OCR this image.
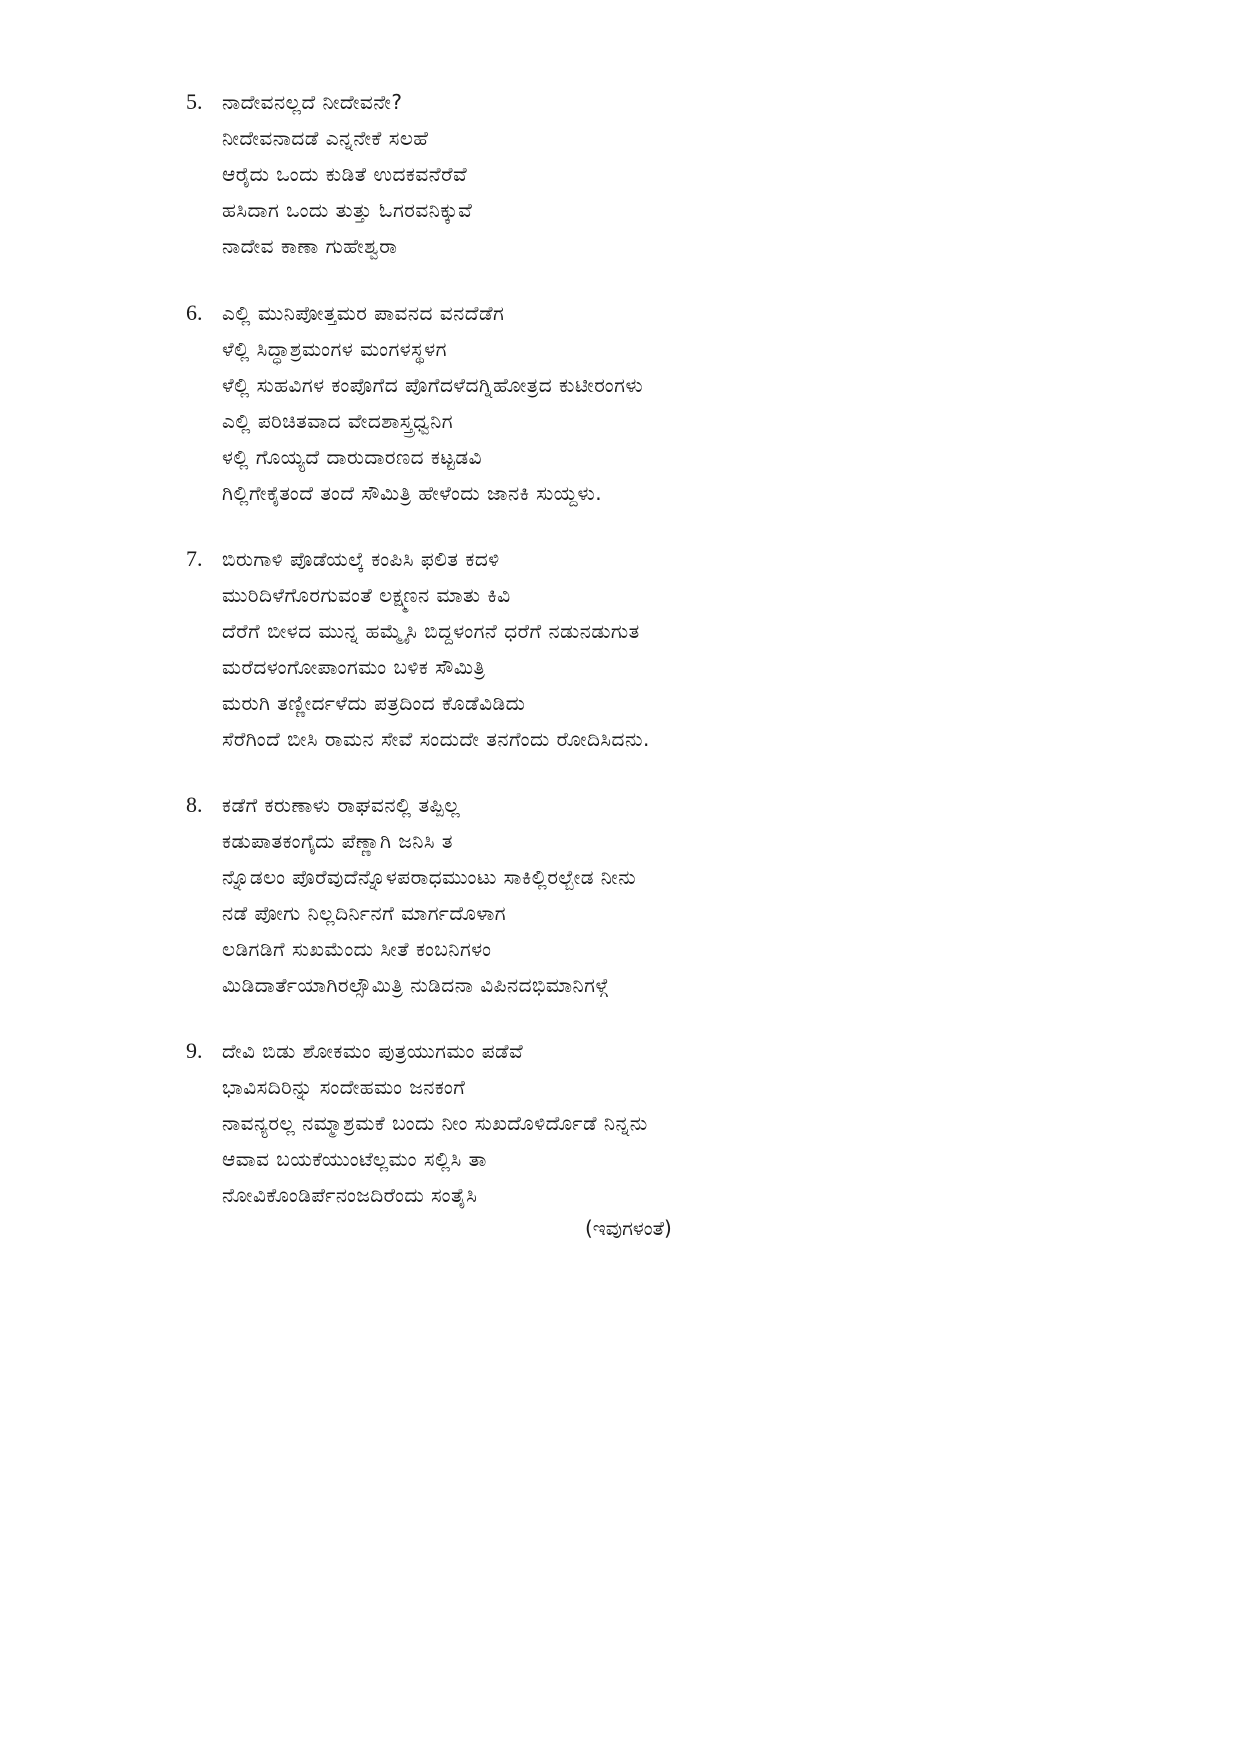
5. ನಾದೇವನಲ್ಲದೆ ನೀದೇವನೇ?
ನೀದೇವನಾದಡೆ ಎನ್ನನೇಕೆ ಸಲಹೆ
ಆರೈದು ಒಂದು ಕುಡಿತೆ ಉದಕವನೆರೆವೆ
ಹಸಿದಾಗ ಒಂದು ತುತ್ತು ಓಗರವನಿಕ್ಕುವೆ
ನಾದೇವ ಕಾಣಾ ಗುಹೇಶ್ವರಾ
6. ಎಲ್ಲಿ ಮುನಿಪೋತ್ತಮರ ಪಾವನದ ವನದೆಡೆಗ
ಳೆಲ್ಲಿ ಸಿದ್ಧಾಶ್ರಮಂಗಳ ಮಂಗಳಸ್ಥಳಗ
ಳೆಲ್ಲಿ ಸುಹವಿಗಳ ಕಂಪೊಗೆದ ಪೊಗೆದಳೆದಗ್ನಿಹೋತ್ರದ ಕುಟೀರಂಗಳು
ಎಲ್ಲಿ ಪರಿಚಿತವಾದ ವೇದಶಾಸ್ತ್ರಧ್ವನಿಗ
ಳಲ್ಲಿ ಗೊಯ್ಯದೆ ದಾರುದಾರಣದ ಕಟ್ಟಡವಿ
ಗಿಲ್ಲಿಗೇಕೈತಂದೆ ತಂದೆ ಸೌಮಿತ್ರಿ ಹೇಳೆಂದು ಜಾನಕಿ ಸುಯ್ದಳು.
7. ಬಿರುಗಾಳಿ ಪೊಡೆಯಲ್ಕೆ ಕಂಪಿಸಿ ಫಲಿತ ಕದಳಿ
ಮುರಿದಿಳೆಗೊರಗುವಂತೆ ಲಕ್ಷ್ಮಣನ ಮಾತು ಕಿವಿ
ದೆರೆಗೆ ಬೀಳದ ಮುನ್ನ ಹಮ್ಮೈಸಿ ಬಿದ್ದಳಂಗನೆ ಧರೆಗೆ ನಡುನಡುಗುತ
ಮರೆದಳಂಗೋಪಾಂಗಮಂ ಬಳಿಕ ಸೌಮಿತ್ರಿ
ಮರುಗಿ ತಣ್ಣೀರ್ದಳೆದು ಪತ್ರದಿಂದ ಕೊಡೆವಿಡಿದು
ಸೆರೆಗಿಂದೆ ಬೀಸಿ ರಾಮನ ಸೇವೆ ಸಂದುದೇ ತನಗೆಂದು ರೋದಿಸಿದನು.
8. ಕಡೆಗೆ ಕರುಣಾಳು ರಾಘವನಲ್ಲಿ ತಪ್ಪಿಲ್ಲ
ಕಡುಪಾತಕಂಗೈದು ಪೆಣ್ಣಾಗಿ ಜನಿಸಿ ತ
ನ್ನೊಡಲಂ ಪೊರೆವುದೆನ್ನೊಳಪರಾಧಮುಂಟು ಸಾಕಿಲ್ಲಿರಲ್ಬೇಡ ನೀನು
ನಡೆ ಪೋಗು ನಿಲ್ಲದಿರ್ನಿನಗೆ ಮಾರ್ಗದೊಳಾಗ
ಲಡಿಗಡಿಗೆ ಸುಖಮೆಂದು ಸೀತೆ ಕಂಬನಿಗಳಂ
ಮಿಡಿದಾರ್ತೆಯಾಗಿರಲ್ಸೌಮಿತ್ರಿ ನುಡಿದನಾ ವಿಪಿನದಭಿಮಾನಿಗಳ್ಗೆ
9. ದೇವಿ ಬಿಡು ಶೋಕಮಂ ಪುತ್ರಯುಗಮಂ ಪಡೆವೆ
ಭಾವಿಸದಿರಿನ್ನು ಸಂದೇಹಮಂ ಜನಕಂಗೆ
ನಾವನ್ಯರಲ್ಲ ನಮ್ಮಾಶ್ರಮಕೆ ಬಂದು ನೀಂ ಸುಖದೊಳಿರ್ದೊಡೆ ನಿನ್ನನು
ಆವಾವ ಬಯಕೆಯುಂಟೆಲ್ಲಮಂ ಸಲ್ಲಿಸಿ ತಾ
ನೋವಿಕೊಂಡಿರ್ಪೆನಂಜದಿರೆಂದು ಸಂತೈಸಿ
(ಇವುಗಳಂತೆ)
